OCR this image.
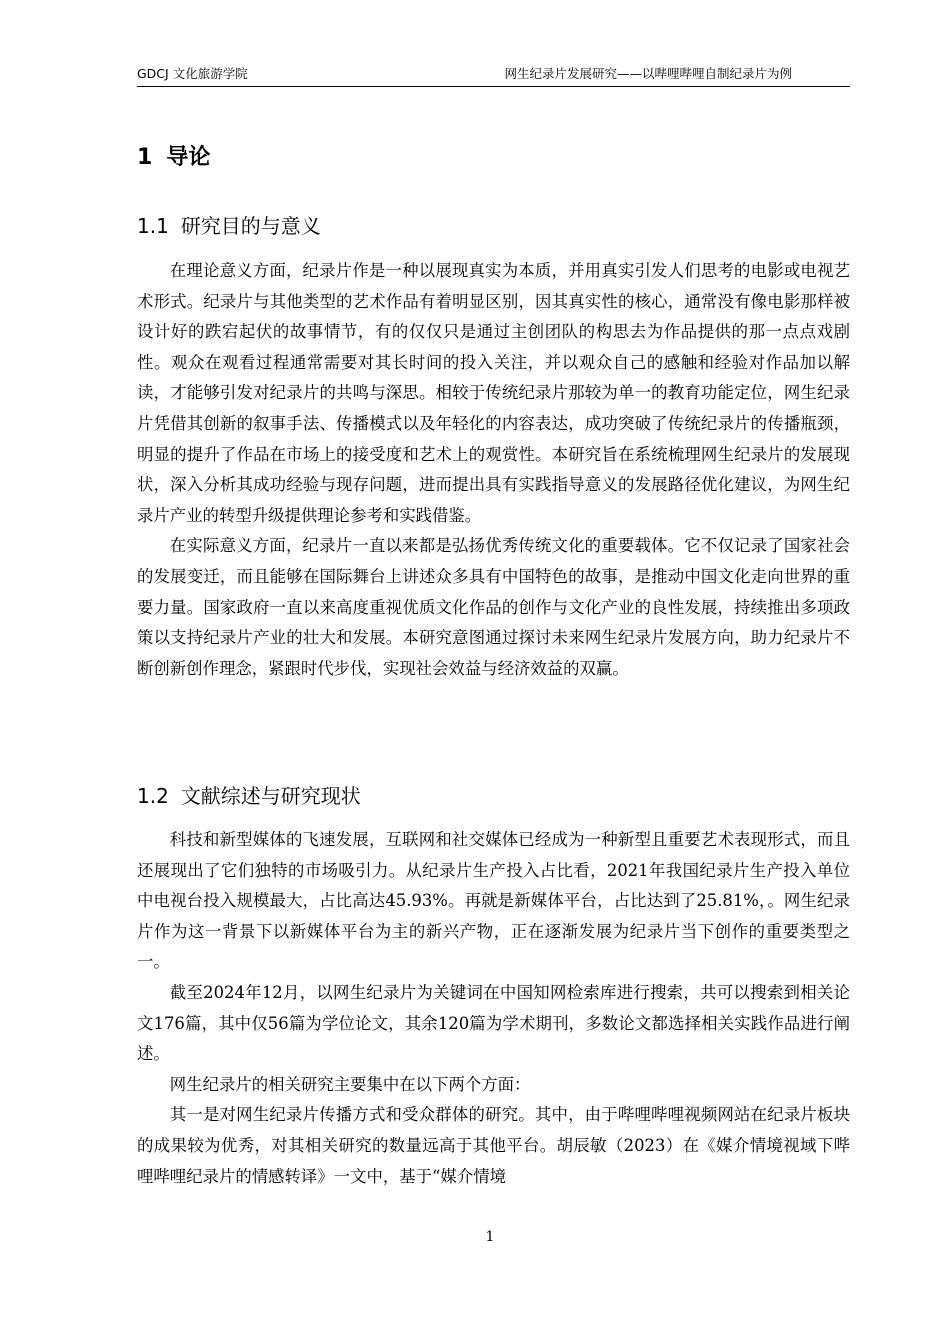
GDCJ 文化旅游学院	网生纪录片发展研究——以哔哩哔哩自制纪录片为例
1 导论
1.1 研究目的与意义

在理论意义方面，纪录片作是一种以展现真实为本质，并用真实引发人们思考的电影或电视艺术形式。纪录片与其他类型的艺术作品有着明显区别，因其真实性的核心，通常没有像电影那样被设计好的跌宕起伏的故事情节，有的仅仅只是通过主创团队的构思去为作品提供的那一点点戏剧性。观众在观看过程通常需要对其长时间的投入关注，并以观众自己的感触和经验对作品加以解读，才能够引发对纪录片的共鸣与深思。相较于传统纪录片那较为单一的教育功能定位，网生纪录片凭借其创新的叙事手法、传播模式以及年轻化的内容表达，成功突破了传统纪录片的传播瓶颈，明显的提升了作品在市场上的接受度和艺术上的观赏性。本研究旨在系统梳理网生纪录片的发展现状，深入分析其成功经验与现存问题，进而提出具有实践指导意义的发展路径优化建议，为网生纪录片产业的转型升级提供理论参考和实践借鉴。

在实际意义方面，纪录片一直以来都是弘扬优秀传统文化的重要载体。它不仅记录了国家社会的发展变迁，而且能够在国际舞台上讲述众多具有中国特色的故事，是推动中国文化走向世界的重要力量。国家政府一直以来高度重视优质文化作品的创作与文化产业的良性发展，持续推出多项政策以支持纪录片产业的壮大和发展。本研究意图通过探讨未来网生纪录片发展方向，助力纪录片不断创新创作理念，紧跟时代步伐，实现社会效益与经济效益的双赢。

1.2 文献综述与研究现状

科技和新型媒体的飞速发展，互联网和社交媒体已经成为一种新型且重要艺术表现形式，而且还展现出了它们独特的市场吸引力。从纪录片生产投入占比看，2021年我国纪录片生产投入单位中电视台投入规模最大，占比高达45.93%。再就是新媒体平台，占比达到了25.81%，。网生纪录片作为这一背景下以新媒体平台为主的新兴产物，正在逐渐发展为纪录片当下创作的重要类型之一。

截至2024年12月，以网生纪录片为关键词在中国知网检索库进行搜索，共可以搜索到相关论文176篇，其中仅56篇为学位论文，其余120篇为学术期刊，多数论文都选择相关实践作品进行阐述。

网生纪录片的相关研究主要集中在以下两个方面：

其一是对网生纪录片传播方式和受众群体的研究。其中，由于哔哩哔哩视频网站在纪录片板块的成果较为优秀，对其相关研究的数量远高于其他平台。胡辰敏（2023）在《媒介情境视域下哔哩哔哩纪录片的情感转译》一文中，基于“媒介情境

1
